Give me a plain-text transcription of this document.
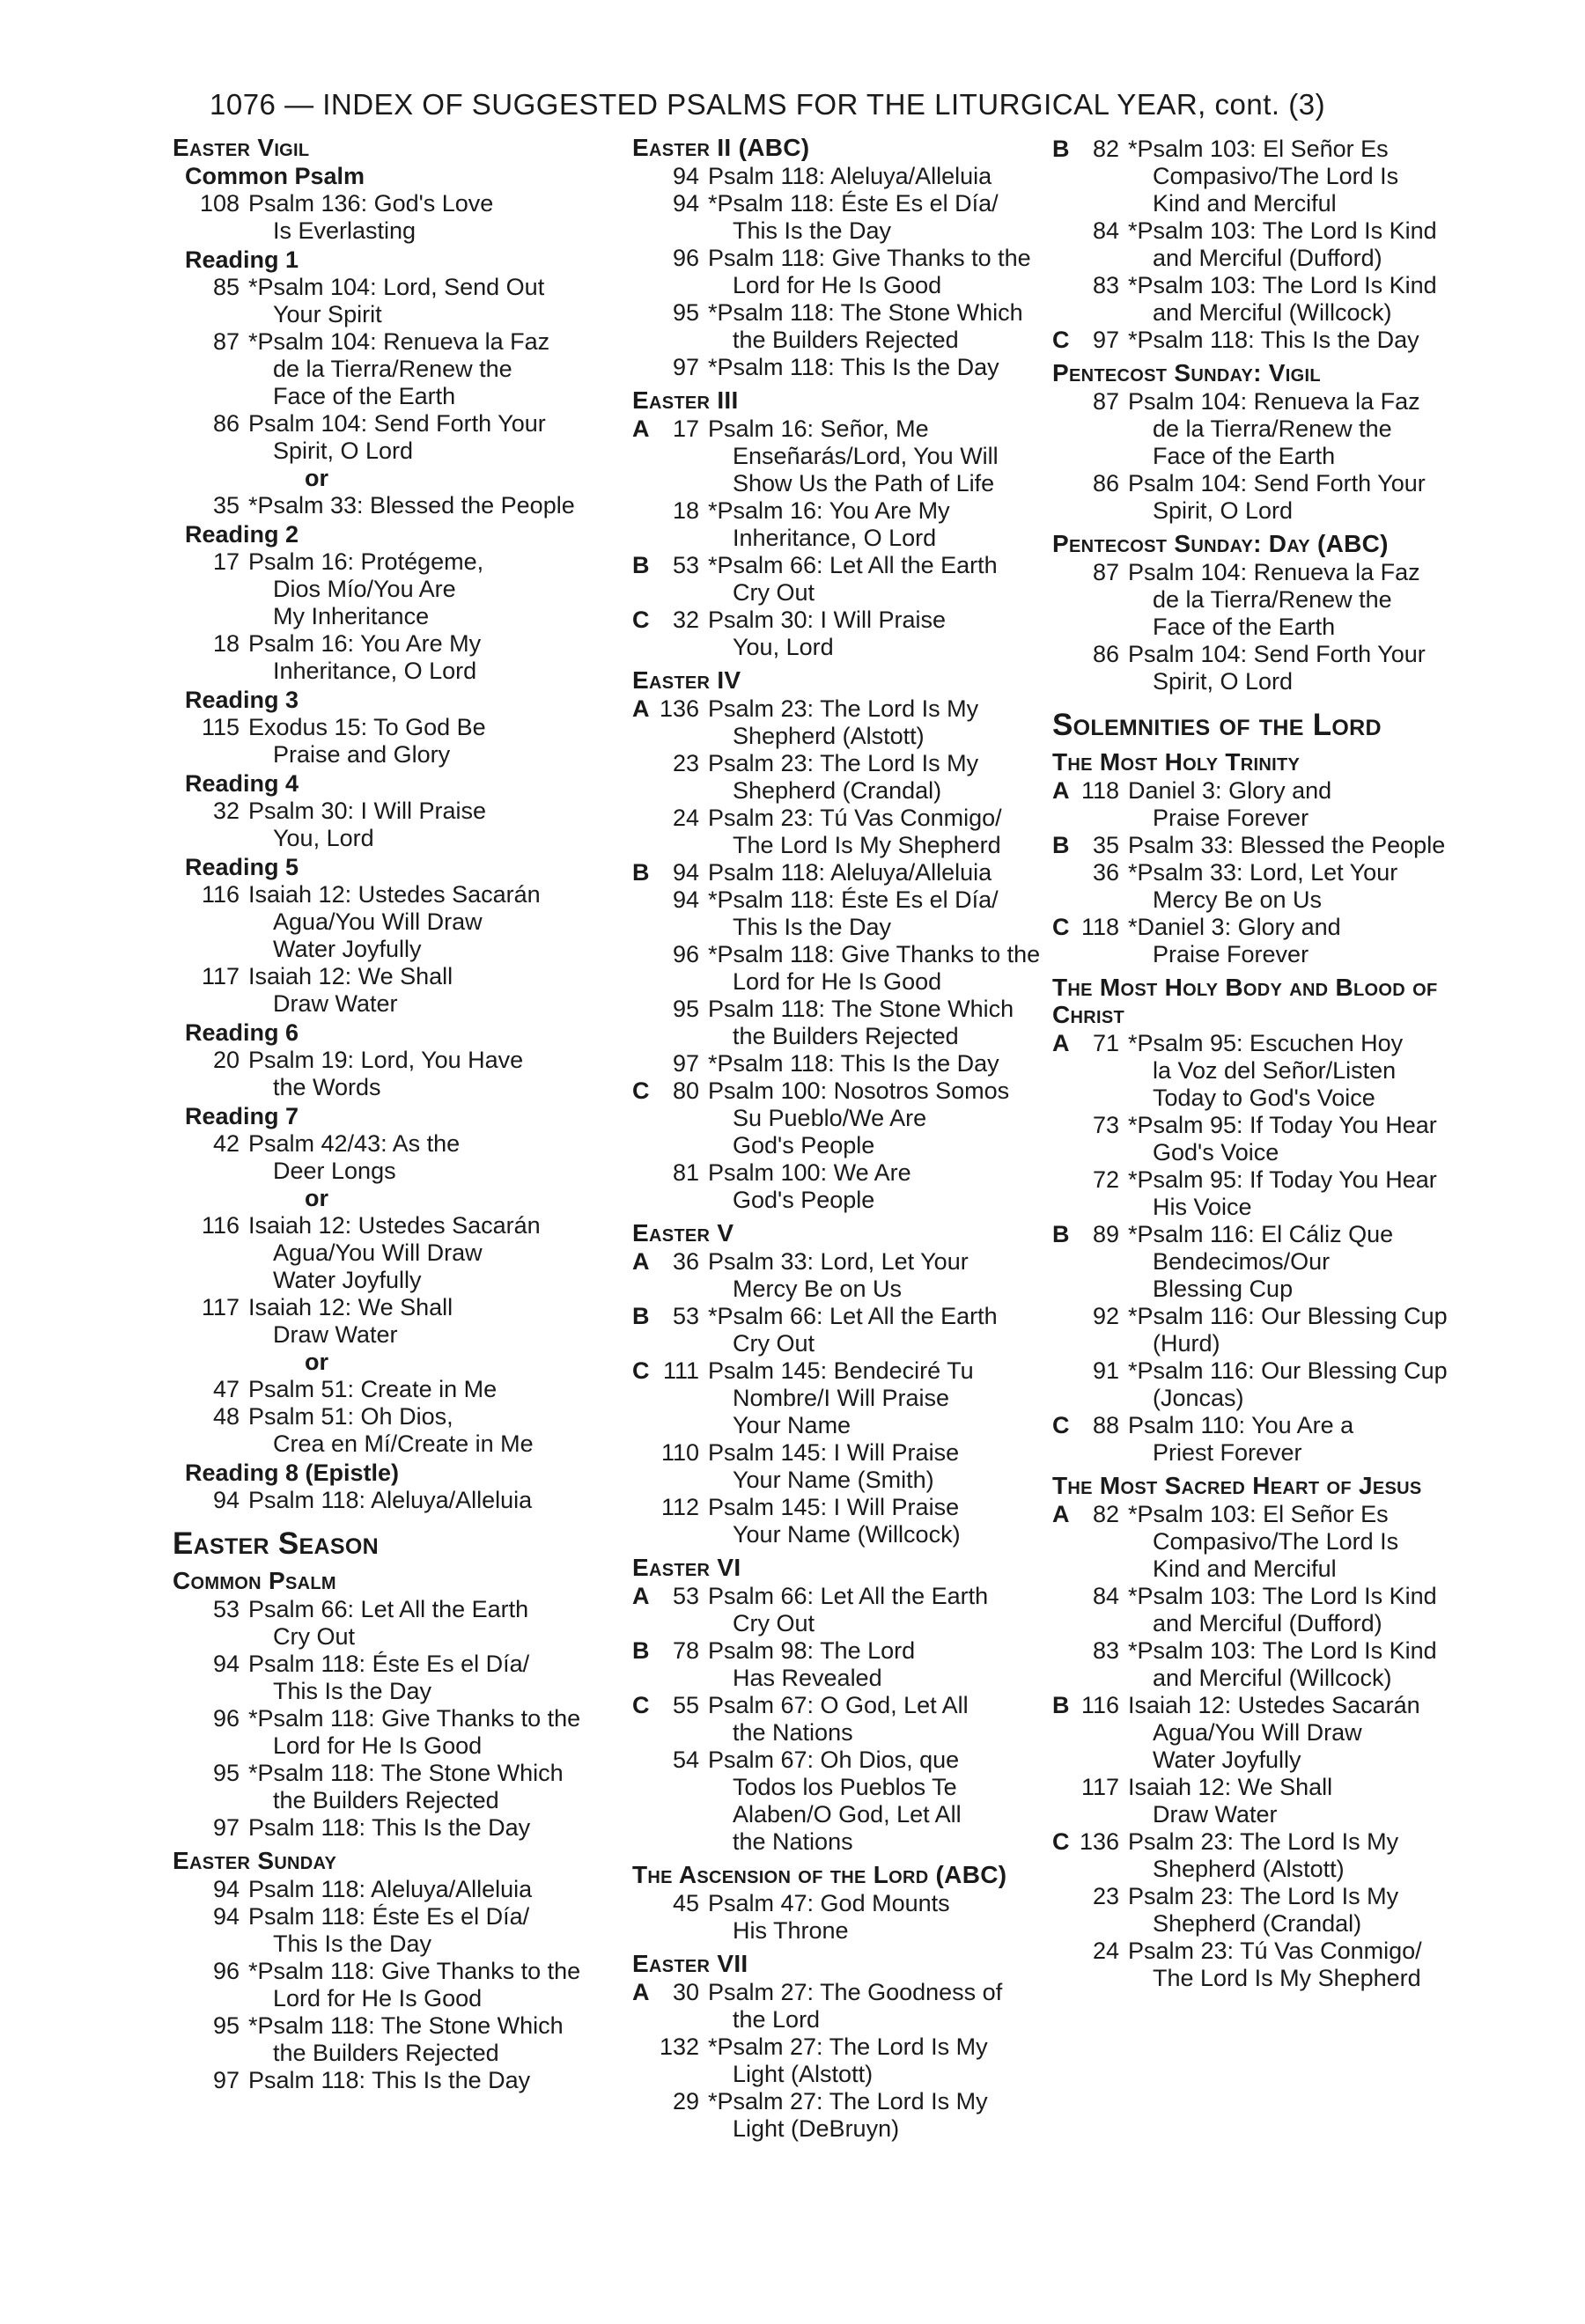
1076 — INDEX OF SUGGESTED PSALMS FOR THE LITURGICAL YEAR, cont. (3)
Easter Vigil
Common Psalm
108 Psalm 136: God's Love
Is Everlasting
Reading 1
85 *Psalm 104: Lord, Send Out
Your Spirit
87 *Psalm 104: Renueva la Faz
de la Tierra/Renew the
Face of the Earth
86 Psalm 104: Send Forth Your
Spirit, O Lord
or
35 *Psalm 33: Blessed the People
Reading 2
17 Psalm 16: Protégeme,
Dios Mío/You Are
My Inheritance
18 Psalm 16: You Are My
Inheritance, O Lord
Reading 3
115 Exodus 15: To God Be
Praise and Glory
Reading 4
32 Psalm 30: I Will Praise
You, Lord
Reading 5
116 Isaiah 12: Ustedes Sacarán
Agua/You Will Draw
Water Joyfully
117 Isaiah 12: We Shall
Draw Water
Reading 6
20 Psalm 19: Lord, You Have
the Words
Reading 7
42 Psalm 42/43: As the
Deer Longs
or
116 Isaiah 12: Ustedes Sacarán
Agua/You Will Draw
Water Joyfully
117 Isaiah 12: We Shall
Draw Water
or
47 Psalm 51: Create in Me
48 Psalm 51: Oh Dios,
Crea en Mí/Create in Me
Reading 8 (Epistle)
94 Psalm 118: Aleluya/Alleluia
Easter Season
Common Psalm
53 Psalm 66: Let All the Earth
Cry Out
94 Psalm 118: Éste Es el Día/
This Is the Day
96 *Psalm 118: Give Thanks to the
Lord for He Is Good
95 *Psalm 118: The Stone Which
the Builders Rejected
97 Psalm 118: This Is the Day
Easter Sunday
94 Psalm 118: Aleluya/Alleluia
94 Psalm 118: Éste Es el Día/
This Is the Day
96 *Psalm 118: Give Thanks to the
Lord for He Is Good
95 *Psalm 118: The Stone Which
the Builders Rejected
97 Psalm 118: This Is the Day
Easter II (ABC)
94 Psalm 118: Aleluya/Alleluia
94 *Psalm 118: Éste Es el Día/
This Is the Day
96 Psalm 118: Give Thanks to the
Lord for He Is Good
95 *Psalm 118: The Stone Which
the Builders Rejected
97 *Psalm 118: This Is the Day
Easter III
A 17 Psalm 16: Señor, Me
Enseñarás/Lord, You Will
Show Us the Path of Life
18 *Psalm 16: You Are My
Inheritance, O Lord
B 53 *Psalm 66: Let All the Earth
Cry Out
C 32 Psalm 30: I Will Praise
You, Lord
Easter IV
A 136 Psalm 23: The Lord Is My
Shepherd (Alstott)
23 Psalm 23: The Lord Is My
Shepherd (Crandal)
24 Psalm 23: Tú Vas Conmigo/
The Lord Is My Shepherd
B 94 Psalm 118: Aleluya/Alleluia
94 *Psalm 118: Éste Es el Día/
This Is the Day
96 *Psalm 118: Give Thanks to the
Lord for He Is Good
95 Psalm 118: The Stone Which
the Builders Rejected
97 *Psalm 118: This Is the Day
C 80 Psalm 100: Nosotros Somos
Su Pueblo/We Are
God's People
81 Psalm 100: We Are
God's People
Easter V
A 36 Psalm 33: Lord, Let Your
Mercy Be on Us
B 53 *Psalm 66: Let All the Earth
Cry Out
C 111 Psalm 145: Bendeciré Tu
Nombre/I Will Praise
Your Name
110 Psalm 145: I Will Praise
Your Name (Smith)
112 Psalm 145: I Will Praise
Your Name (Willcock)
Easter VI
A 53 Psalm 66: Let All the Earth
Cry Out
B 78 Psalm 98: The Lord
Has Revealed
C 55 Psalm 67: O God, Let All
the Nations
54 Psalm 67: Oh Dios, que
Todos los Pueblos Te
Alaben/O God, Let All
the Nations
The Ascension of the Lord (ABC)
45 Psalm 47: God Mounts
His Throne
Easter VII
A 30 Psalm 27: The Goodness of
the Lord
132 *Psalm 27: The Lord Is My
Light (Alstott)
29 *Psalm 27: The Lord Is My
Light (DeBruyn)
B 82 *Psalm 103: El Señor Es
Compasivo/The Lord Is
Kind and Merciful
84 *Psalm 103: The Lord Is Kind
and Merciful (Dufford)
83 *Psalm 103: The Lord Is Kind
and Merciful (Willcock)
C 97 *Psalm 118: This Is the Day
Pentecost Sunday: Vigil
87 Psalm 104: Renueva la Faz
de la Tierra/Renew the
Face of the Earth
86 Psalm 104: Send Forth Your
Spirit, O Lord
Pentecost Sunday: Day (ABC)
87 Psalm 104: Renueva la Faz
de la Tierra/Renew the
Face of the Earth
86 Psalm 104: Send Forth Your
Spirit, O Lord
Solemnities of the Lord
The Most Holy Trinity
A 118 Daniel 3: Glory and
Praise Forever
B 35 Psalm 33: Blessed the People
36 *Psalm 33: Lord, Let Your
Mercy Be on Us
C 118 *Daniel 3: Glory and
Praise Forever
The Most Holy Body and Blood of Christ
A 71 *Psalm 95: Escuchen Hoy
la Voz del Señor/Listen
Today to God's Voice
73 *Psalm 95: If Today You Hear
God's Voice
72 *Psalm 95: If Today You Hear
His Voice
B 89 *Psalm 116: El Cáliz Que
Bendecimos/Our
Blessing Cup
92 *Psalm 116: Our Blessing Cup
(Hurd)
91 *Psalm 116: Our Blessing Cup
(Joncas)
C 88 Psalm 110: You Are a
Priest Forever
The Most Sacred Heart of Jesus
A 82 *Psalm 103: El Señor Es
Compasivo/The Lord Is
Kind and Merciful
84 *Psalm 103: The Lord Is Kind
and Merciful (Dufford)
83 *Psalm 103: The Lord Is Kind
and Merciful (Willcock)
B 116 Isaiah 12: Ustedes Sacarán
Agua/You Will Draw
Water Joyfully
117 Isaiah 12: We Shall
Draw Water
C 136 Psalm 23: The Lord Is My
Shepherd (Alstott)
23 Psalm 23: The Lord Is My
Shepherd (Crandal)
24 Psalm 23: Tú Vas Conmigo/
The Lord Is My Shepherd
